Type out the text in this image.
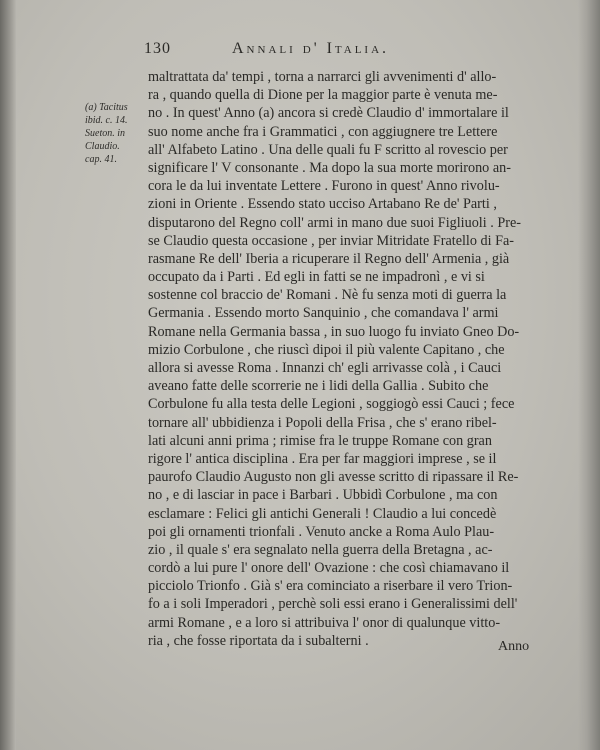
130	Annali d' Italia.
(a) Tacitus
ibid. c. 14.
Sueton. in
Claudio.
cap. 41.
maltrattata da' tempi , torna a narrarci gli avvenimenti d' allo-
ra , quando quella di Dione per la maggior parte è venuta me-
no . In quest' Anno (a) ancora si credè Claudio d' immortalare il
suo nome anche fra i Grammatici , con aggiugnere tre Lettere
all' Alfabeto Latino . Una delle quali fu F scritto al rovescio per
significare l' V consonante . Ma dopo la sua morte morirono an-
cora le da lui inventate Lettere . Furono in quest' Anno rivolu-
zioni in Oriente . Essendo stato ucciso Artabano Re de' Parti ,
disputarono del Regno coll' armi in mano due suoi Figliuoli . Pre-
se Claudio questa occasione , per inviar Mitridate Fratello di Fa-
rasmane Re dell' Iberia a ricuperare il Regno dell' Armenia , già
occupato da i Parti . Ed egli in fatti se ne impadronì , e vi si
sostenne col braccio de' Romani . Nè fu senza moti di guerra la
Germania . Essendo morto Sanquinio , che comandava l' armi
Romane nella Germania bassa , in suo luogo fu inviato Gneo Do-
mizio Corbulone , che riuscì dipoi il più valente Capitano , che
allora si avesse Roma . Innanzi ch' egli arrivasse colà , i Cauci
aveano fatte delle scorrerie ne i lidi della Gallia . Subito che
Corbulone fu alla testa delle Legioni , soggiogò essi Cauci ; fece
tornare all' ubbidienza i Popoli della Frisa , che s' erano ribel-
lati alcuni anni prima ; rimise fra le truppe Romane con gran
rigore l' antica disciplina . Era per far maggiori imprese , se il
paurofo Claudio Augusto non gli avesse scritto di ripassare il Re-
no , e di lasciar in pace i Barbari . Ubbidì Corbulone , ma con
esclamare : Felici gli antichi Generali ! Claudio a lui concedè
poi gli ornamenti trionfali . Venuto ancke a Roma Aulo Plau-
zio , il quale s' era segnalato nella guerra della Bretagna , ac-
cordò a lui pure l' onore dell' Ovazione : che così chiamavano il
picciolo Trionfo . Già s' era cominciato a riserbare il vero Trion-
fo a i soli Imperadori , perchè soli essi erano i Generalissimi dell'
armi Romane , e a loro si attribuiva l' onor di qualunque vitto-
ria , che fosse riportata da i subalterni .	Anno
